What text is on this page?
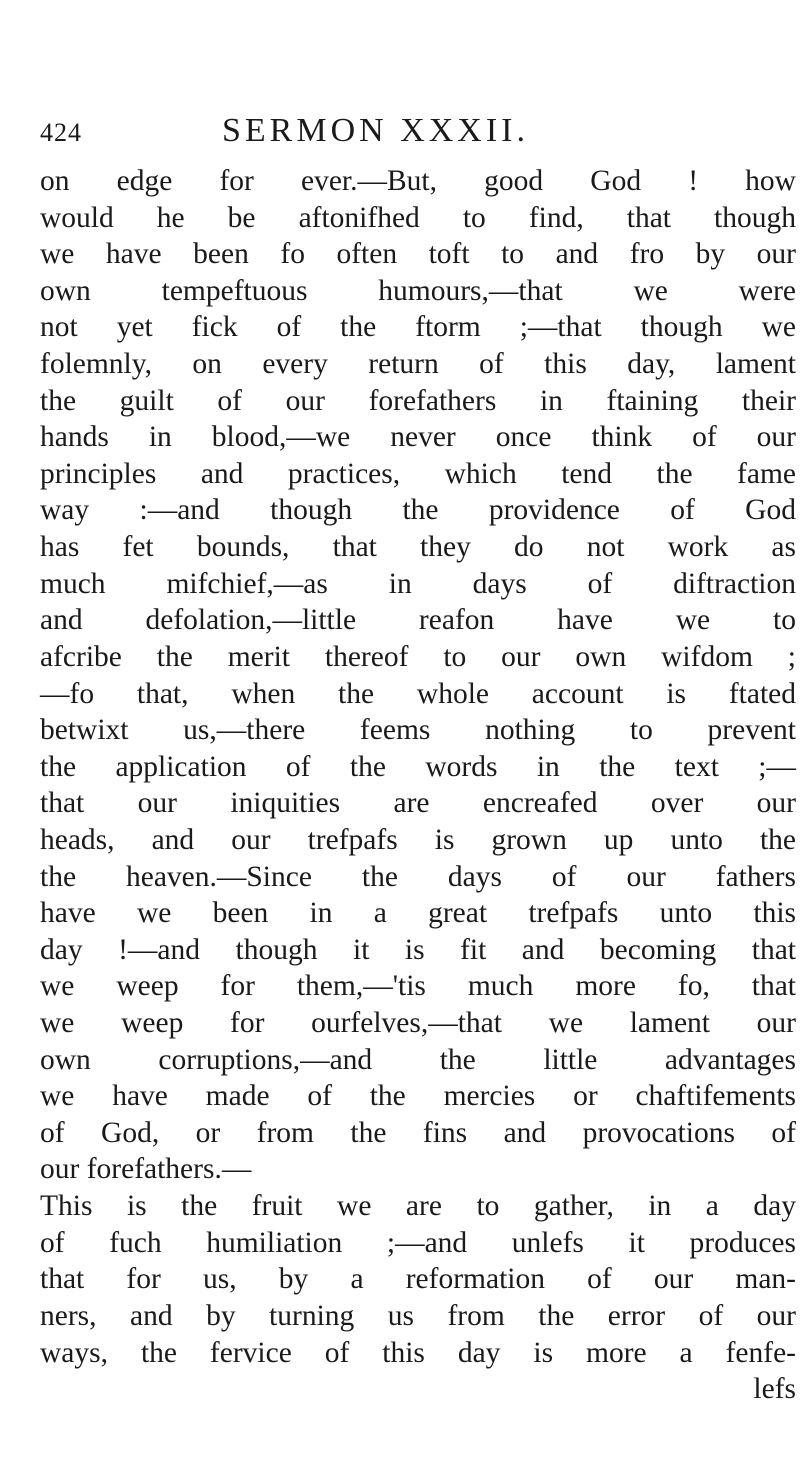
424	SERMON XXXII.
on edge for ever.—But, good God ! how
would he be aftonifhed to find, that though
we have been fo often toft to and fro by our
own tempeftuous humours,—that we were
not yet fick of the ftorm ;—that though we
folemnly, on every return of this day, lament
the guilt of our forefathers in ftaining their
hands in blood,—we never once think of our
principles and practices, which tend the fame
way :—and though the providence of God
has fet bounds, that they do not work as
much mifchief,—as in days of diftraction
and defolation,—little reafon have we to
afcribe the merit thereof to our own wifdom ;
—fo that, when the whole account is ftated
betwixt us,—there feems nothing to prevent
the application of the words in the text ;—
that our iniquities are encreafed over our
heads, and our trefpafs is grown up unto the
the heaven.—Since the days of our fathers
have we been in a great trefpafs unto this
day !—and though it is fit and becoming that
we weep for them,—'tis much more fo, that
we weep for ourfelves,—that we lament our
own corruptions,—and the little advantages
we have made of the mercies or chaftifements
of God, or from the fins and provocations of
our forefathers.—
This is the fruit we are to gather, in a day
of fuch humiliation ;—and unlefs it produces
that for us, by a reformation of our man-
ners, and by turning us from the error of our
ways, the fervice of this day is more a fenfe-
lefs
